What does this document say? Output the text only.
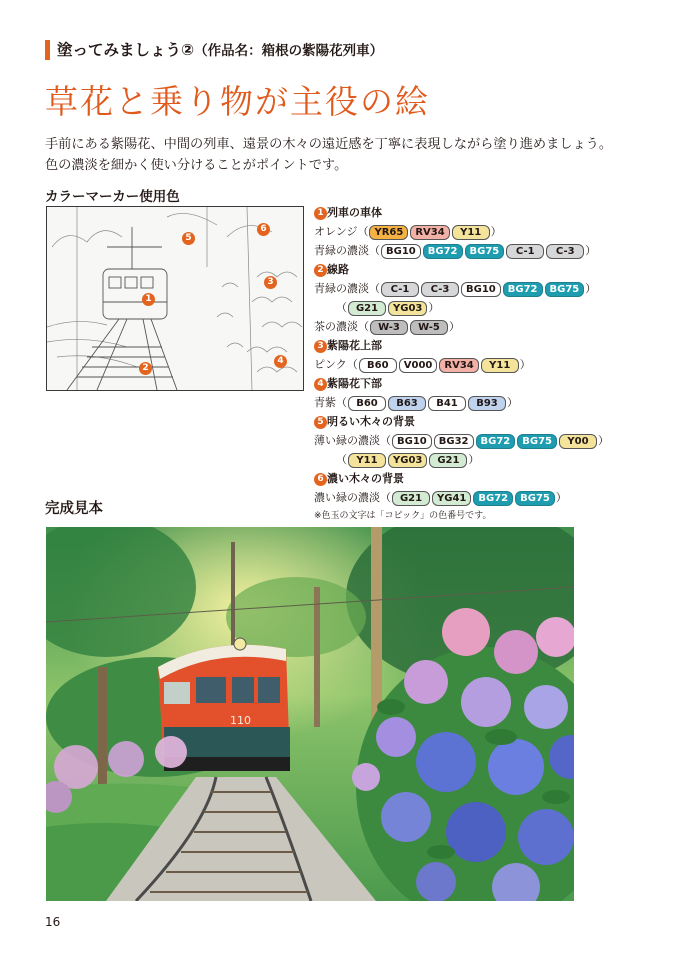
塗ってみましょう②（作品名：箱根の紫陽花列車）
草花と乗り物が主役の絵

手前にある紫陽花、中間の列車、遠景の木々の遠近感を丁寧に表現しながら塗り進めましょう。

色の濃淡を細かく使い分けることがポイントです。

カラーマーカー使用色
1
2
3
4
5
6
1 列車の車体
オレンジ（ YR65 RV34 Y11 ）
青緑の濃淡（ BG10 BG72 BG75 C-1 C-3 ）
2 線路
青緑の濃淡（ C-1 C-3 BG10 BG72 BG75 ）
（ G21 YG03 ）
茶の濃淡（ W-3 W-5 ）
3 紫陽花上部
ピンク（ B60 V000 RV34 Y11 ）
4 紫陽花下部
青紫（ B60 B63 B41 B93 ）
5 明るい木々の背景
薄い緑の濃淡（ BG10 BG32 BG72 BG75 Y00 ）
（ Y11 YG03 G21 ）
6 濃い木々の背景
濃い緑の濃淡（ G21 YG41 BG72 BG75 ）
※色玉の文字は「コピック」の色番号です。
完成見本
110
16
